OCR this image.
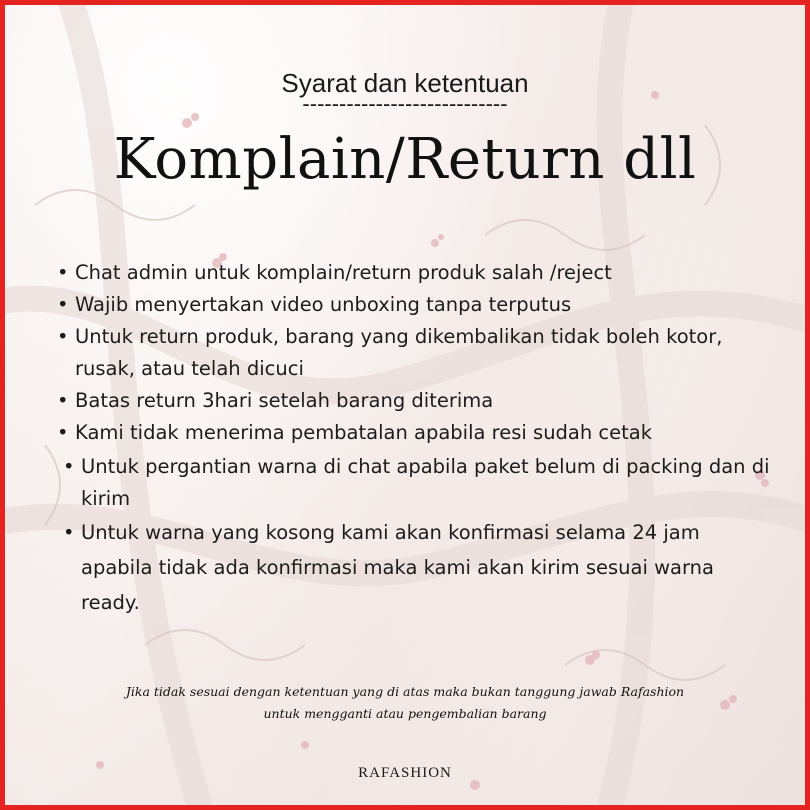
Syarat dan ketentuan
----------------------------
Komplain/Return dll
• Chat admin untuk komplain/return produk salah /reject
• Wajib menyertakan video unboxing tanpa terputus
• Untuk return produk, barang yang dikembalikan tidak boleh kotor, rusak, atau telah dicuci
• Batas return 3hari setelah barang diterima
• Kami tidak menerima pembatalan apabila resi sudah cetak
• Untuk pergantian warna di chat apabila paket belum di packing dan di kirim
• Untuk warna yang kosong kami akan konfirmasi selama 24 jam apabila tidak ada konfirmasi maka kami akan kirim sesuai warna ready.
Jika tidak sesuai dengan ketentuan yang di atas maka bukan tanggung jawab Rafashion
untuk mengganti atau pengembalian barang
RAFASHION
